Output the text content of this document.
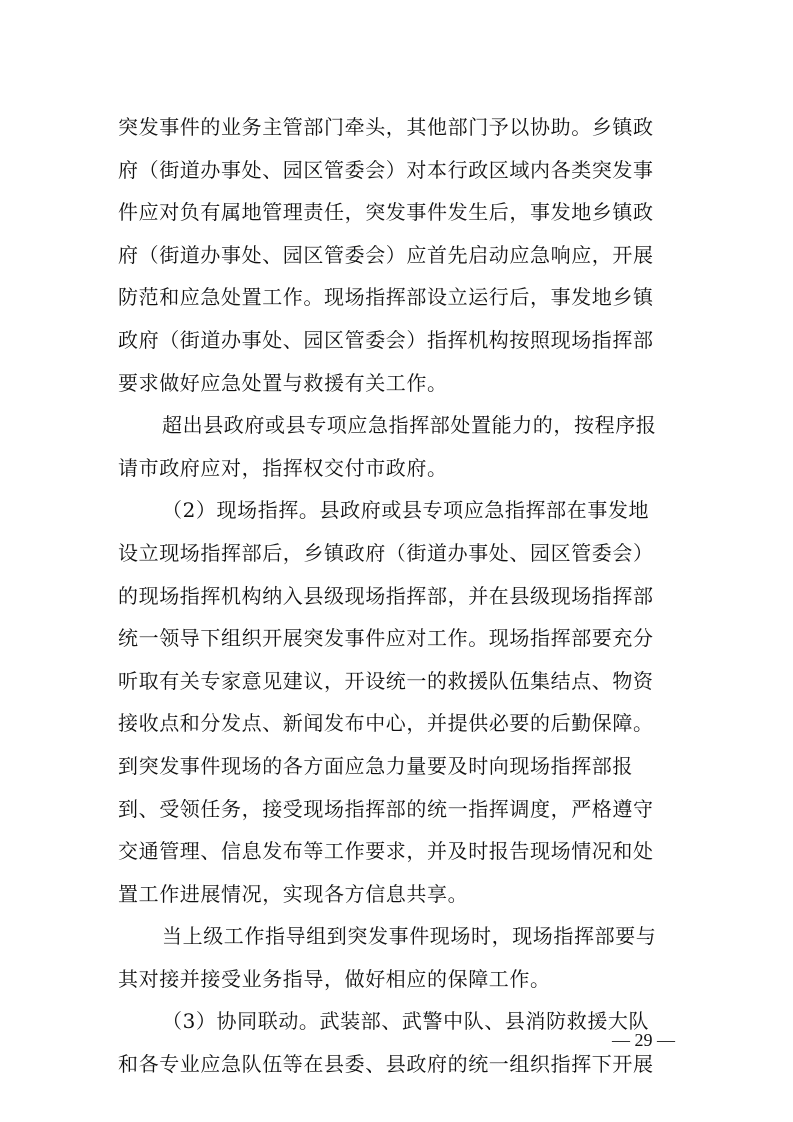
突发事件的业务主管部门牵头，其他部门予以协助。乡镇政
府（街道办事处、园区管委会）对本行政区域内各类突发事
件应对负有属地管理责任，突发事件发生后，事发地乡镇政
府（街道办事处、园区管委会）应首先启动应急响应，开展
防范和应急处置工作。现场指挥部设立运行后，事发地乡镇
政府（街道办事处、园区管委会）指挥机构按照现场指挥部
要求做好应急处置与救援有关工作。
超出县政府或县专项应急指挥部处置能力的，按程序报
请市政府应对，指挥权交付市政府。
（2）现场指挥。县政府或县专项应急指挥部在事发地
设立现场指挥部后，乡镇政府（街道办事处、园区管委会）
的现场指挥机构纳入县级现场指挥部，并在县级现场指挥部
统一领导下组织开展突发事件应对工作。现场指挥部要充分
听取有关专家意见建议，开设统一的救援队伍集结点、物资
接收点和分发点、新闻发布中心，并提供必要的后勤保障。
到突发事件现场的各方面应急力量要及时向现场指挥部报
到、受领任务，接受现场指挥部的统一指挥调度，严格遵守
交通管理、信息发布等工作要求，并及时报告现场情况和处
置工作进展情况，实现各方信息共享。
当上级工作指导组到突发事件现场时，现场指挥部要与
其对接并接受业务指导，做好相应的保障工作。
（3）协同联动。武装部、武警中队、县消防救援大队
和各专业应急队伍等在县委、县政府的统一组织指挥下开展
— 29 —
